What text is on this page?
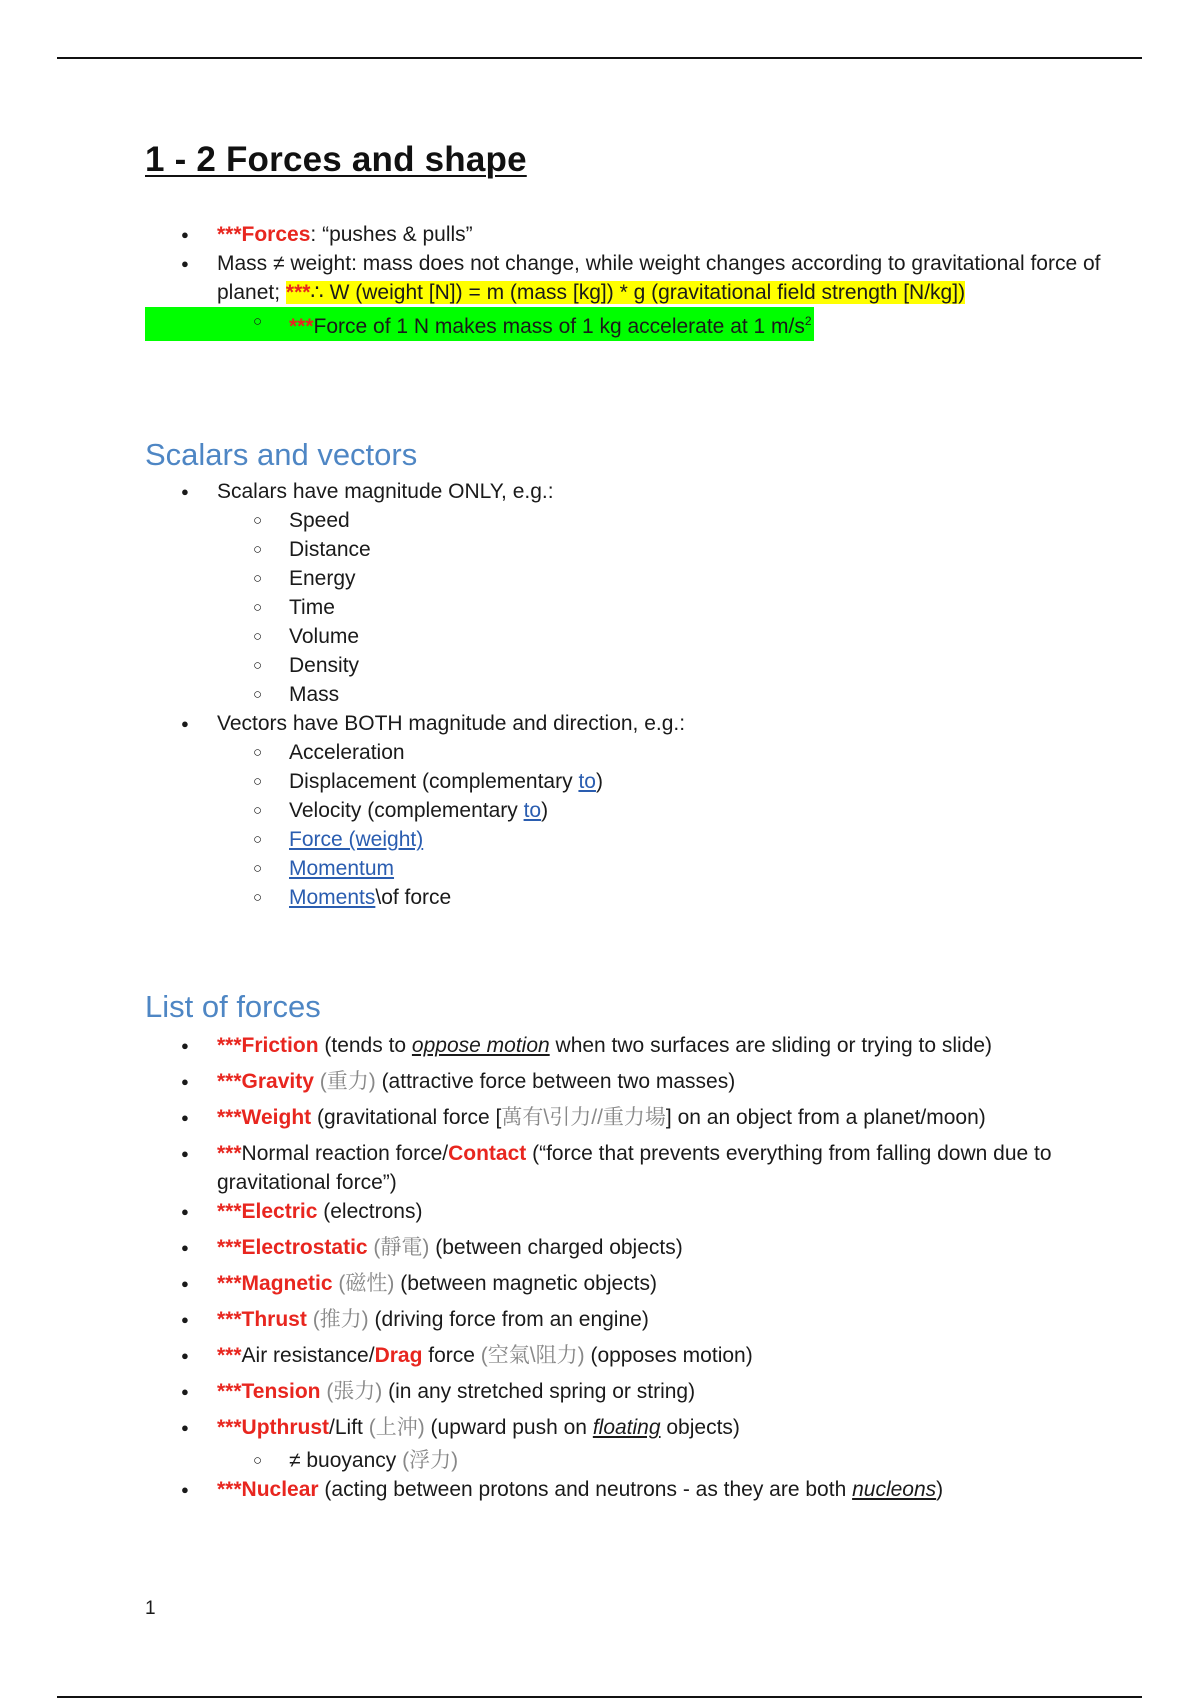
1 - 2 Forces and shape
● ***Forces: “pushes & pulls”
● Mass ≠ weight: mass does not change, while weight changes according to gravitational force of planet; ***∴ W (weight [N]) = m (mass [kg]) * g (gravitational field strength [N/kg])
○ ***Force of 1 N makes mass of 1 kg accelerate at 1 $m/s^2$
Scalars and vectors
● Scalars have magnitude ONLY, e.g.:
○ Speed
○ Distance
○ Energy
○ Time
○ Volume
○ Density
○ Mass
● Vectors have BOTH magnitude and direction, e.g.:
○ Acceleration
○ Displacement (complementary to)
○ Velocity (complementary to)
○ Force (weight)
○ Momentum
○ Moments\of force
List of forces
● ***Friction (tends to oppose motion when two surfaces are sliding or trying to slide)
● ***Gravity (重力) (attractive force between two masses)
● ***Weight (gravitational force [萬有\引力//重力場] on an object from a planet/moon)
● ***Normal reaction force/Contact (“force that prevents everything from falling down due to gravitational force”)
● ***Electric (electrons)
● ***Electrostatic (靜電) (between charged objects)
● ***Magnetic (磁性) (between magnetic objects)
● ***Thrust (推力) (driving force from an engine)
● ***Air resistance/Drag force (空氣\阻力) (opposes motion)
● ***Tension (張力) (in any stretched spring or string)
● ***Upthrust/Lift (上沖) (upward push on floating objects)
○ ≠ buoyancy (浮力)
● ***Nuclear (acting between protons and neutrons - as they are both nucleons)
1
